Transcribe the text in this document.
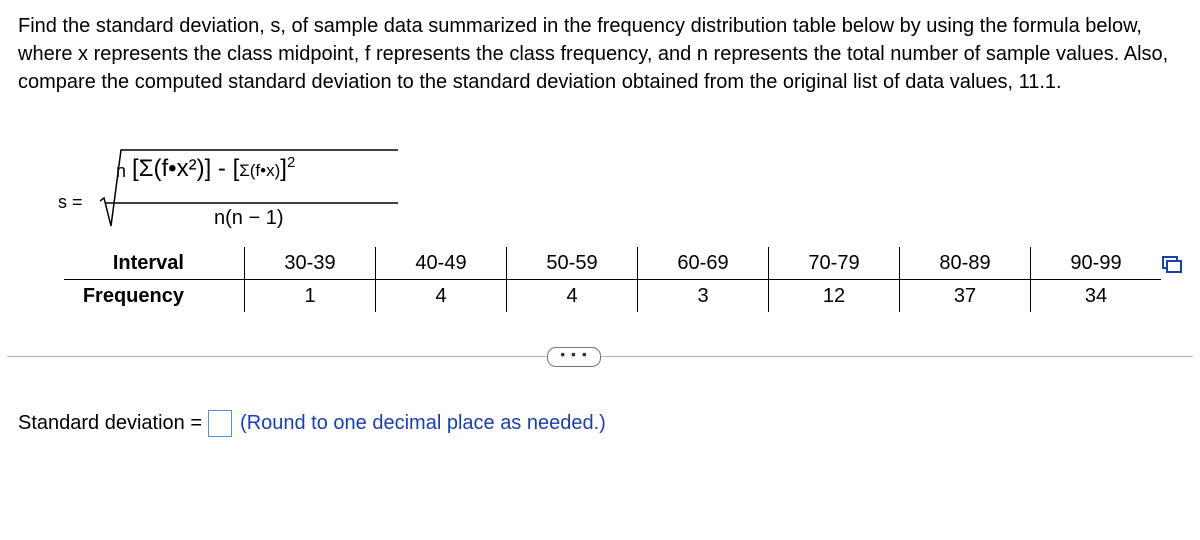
Find the standard deviation, s, of sample data summarized in the frequency distribution table below by using the formula below, where x represents the class midpoint, f represents the class frequency, and n represents the total number of sample values. Also, compare the computed standard deviation to the standard deviation obtained from the original list of data values, 11.1.

s =
n [Σ(f•x²)] - [Σ(f•x)]$^2$
n(n − 1)
Interval	30-39	40-49	50-59	60-69	70-79	80-89	90-99
Frequency	1	4	4	3	12	37	34
• • •
Standard deviation = (Round to one decimal place as needed.)
